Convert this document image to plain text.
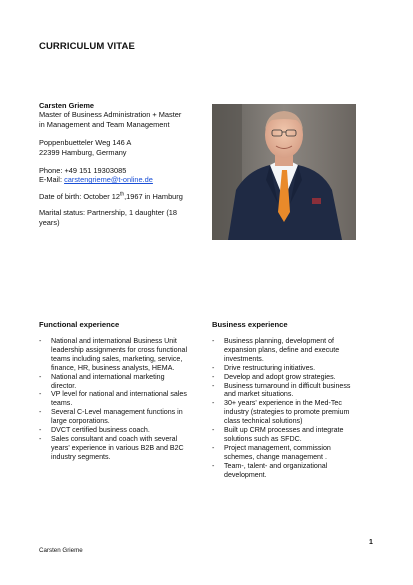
CURRICULUM VITAE
Carsten Grieme
Master of Business Administration + Master in Management and Team Management
Poppenbuetteler Weg 146 A
22399 Hamburg, Germany
Phone: +49 151 19303085
E-Mail: carstengrieme@t-online.de
Date of birth: October 12th,1967 in Hamburg
Marital status: Partnership, 1 daughter (18 years)
Functional experience
- National and international Business Unit leadership assignments for cross functional teams including sales, marketing, service, finance, HR, business analysts, HEMA.
- National and international marketing director.
- VP level for national and international sales teams.
- Several C-Level management functions in large corporations.
- DVCT certified business coach.
- Sales consultant and coach with several years' experience in various B2B and B2C industry segments.
Business experience
- Business planning, development of expansion plans, define and execute investments.
- Drive restructuring initiatives.
- Develop and adopt grow strategies.
- Business turnaround in difficult business and market situations.
- 30+ years' experience in the Med-Tec industry (strategies to promote premium class technical solutions)
- Built up CRM processes and integrate solutions such as SFDC.
- Project management, commission schemes, change management .
- Team-, talent- and organizational development.
1
Carsten Grieme
